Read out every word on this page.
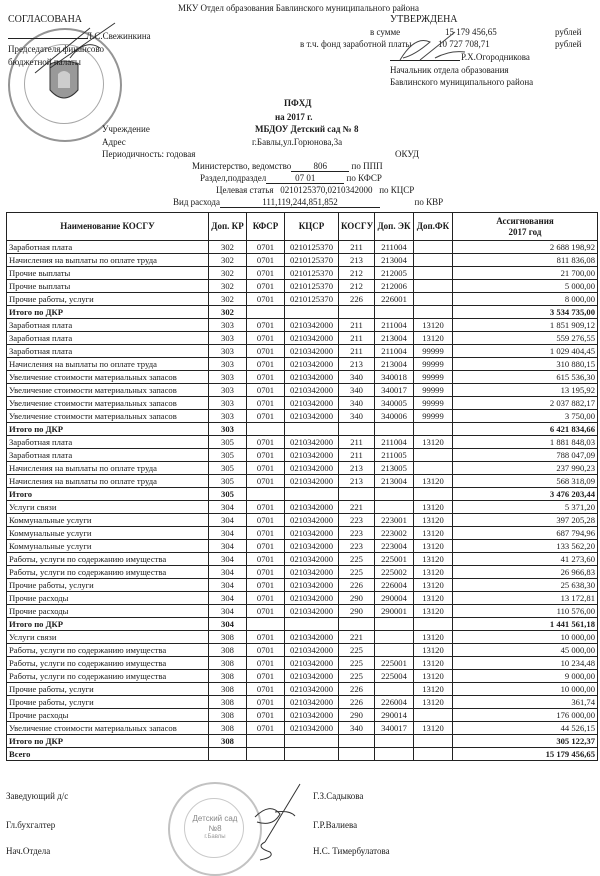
МКУ Отдел образования Бавлинского муниципального района
СОГЛАСОВАНА
Л.С.Свежинкина
Председателя финансово
бюджетной палаты
УТВЕРЖДЕНА
в сумме	15 179 456,65	рублей
в т.ч. фонд заработной платы	10 727 708,71	рублей
Р.Х.Огородникова
Начальник отдела образования
Бавлинского муниципального района
ПФХД
на 2017 г.
Учреждение	МБДОУ Детский сад № 8
Адрес	г.Бавлы,ул.Горюнова,3а
Периодичность: годовая	ОКУД
Министерство, ведомство 806	по ППП
Раздел,подраздел	07 01	по КФСР
Целевая статья 0210125370,0210342000 по КЦСР
Вид расхода	111,119,244,851,852	по КВР
Наименование КОСГУ	Доп. КР	КФСР	КЦСР	КОСГУ	Доп. ЭК	Доп.ФК	Ассигнования
2017 год

Заработная плата	302	0701	0210125370	211	211004		2 688 198,92
Начисления на выплаты по оплате труда	302	0701	0210125370	213	213004		811 836,08
Прочие выплаты	302	0701	0210125370	212	212005		21 700,00
Прочие выплаты	302	0701	0210125370	212	212006		5 000,00
Прочие работы, услуги	302	0701	0210125370	226	226001		8 000,00
Итого по ДКР	302						3 534 735,00
Заработная плата	303	0701	0210342000	211	211004	13120	1 851 909,12
Заработная плата	303	0701	0210342000	211	213004	13120	559 276,55
Заработная плата	303	0701	0210342000	211	211004	99999	1 029 404,45
Начисления на выплаты по оплате труда	303	0701	0210342000	213	213004	99999	310 880,15
Увеличение стоимости материальных запасов	303	0701	0210342000	340	340018	99999	615 536,30
Увеличение стоимости материальных запасов	303	0701	0210342000	340	340017	99999	13 195,92
Увеличение стоимости материальных запасов	303	0701	0210342000	340	340005	99999	2 037 882,17
Увеличение стоимости материальных запасов	303	0701	0210342000	340	340006	99999	3 750,00
Итого по ДКР	303						6 421 834,66
Заработная плата	305	0701	0210342000	211	211004	13120	1 881 848,03
Заработная плата	305	0701	0210342000	211	211005		788 047,09
Начисления на выплаты по оплате труда	305	0701	0210342000	213	213005		237 990,23
Начисления на выплаты по оплате труда	305	0701	0210342000	213	213004	13120	568 318,09
Итого	305						3 476 203,44
Услуги связи	304	0701	0210342000	221		13120	5 371,20
Коммунальные услуги	304	0701	0210342000	223	223001	13120	397 205,28
Коммунальные услуги	304	0701	0210342000	223	223002	13120	687 794,96
Коммунальные услуги	304	0701	0210342000	223	223004	13120	133 562,20
Работы, услуги по содержанию имущества	304	0701	0210342000	225	225001	13120	41 273,60
Работы, услуги по содержанию имущества	304	0701	0210342000	225	225002	13120	26 966,83
Прочие работы, услуги	304	0701	0210342000	226	226004	13120	25 638,30
Прочие расходы	304	0701	0210342000	290	290004	13120	13 172,81
Прочие расходы	304	0701	0210342000	290	290001	13120	110 576,00
Итого по ДКР	304						1 441 561,18
Услуги связи	308	0701	0210342000	221		13120	10 000,00
Работы, услуги по содержанию имущества	308	0701	0210342000	225		13120	45 000,00
Работы, услуги по содержанию имущества	308	0701	0210342000	225	225001	13120	10 234,48
Работы, услуги по содержанию имущества	308	0701	0210342000	225	225004	13120	9 000,00
Прочие работы, услуги	308	0701	0210342000	226		13120	10 000,00
Прочие работы, услуги	308	0701	0210342000	226	226004	13120	361,74
Прочие расходы	308	0701	0210342000	290	290014		176 000,00
Увеличение стоимости материальных запасов	308	0701	0210342000	340	340017	13120	44 526,15
Итого по ДКР	308						305 122,37
Всего							15 179 456,65
Заведующий д/с	Г.З.Садыкова
Гл.бухгалтер	Г.Р.Валиева
Нач.Отдела	Н.С. Тимербулатова
Детский сад
№8
г.Бавлы
